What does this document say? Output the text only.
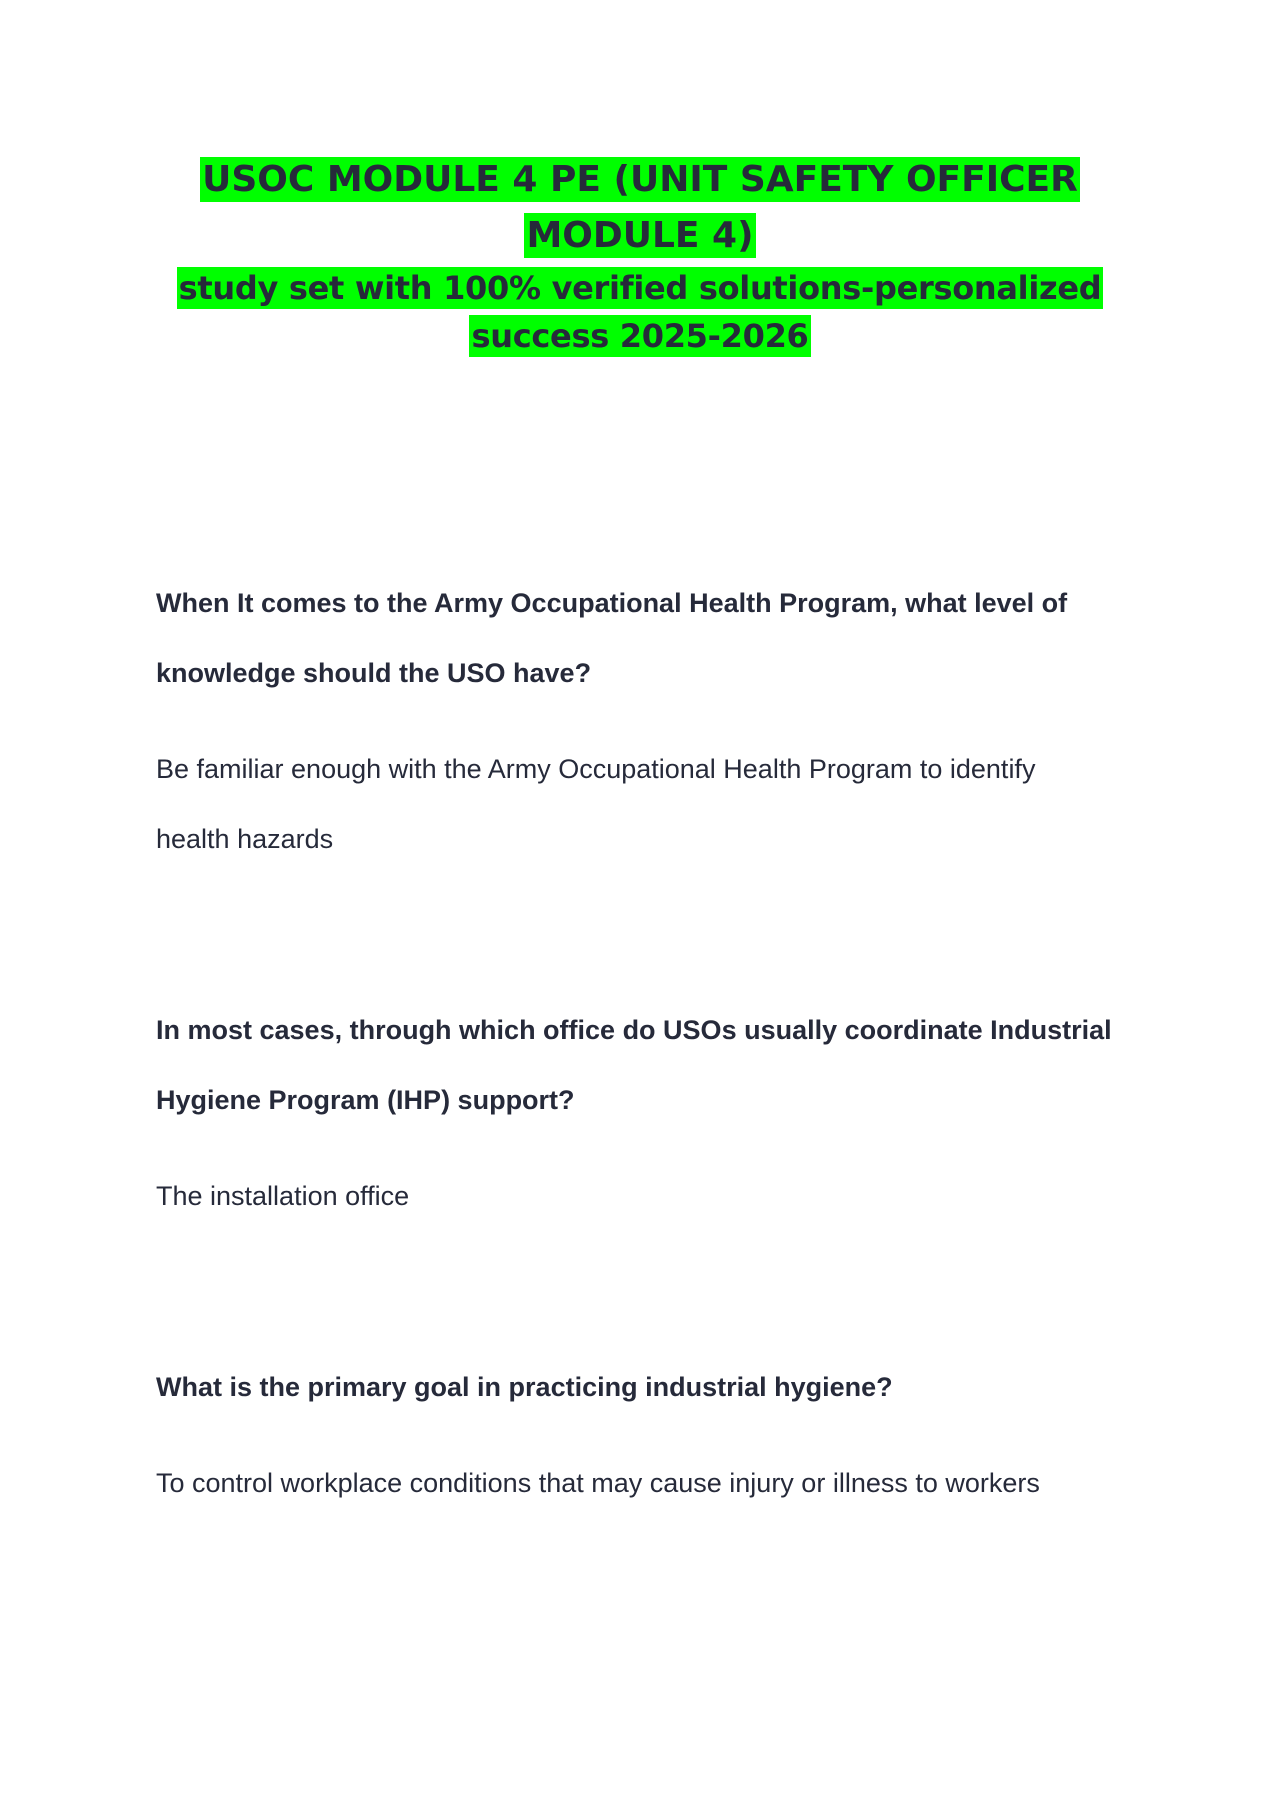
USOC MODULE 4 PE (UNIT SAFETY OFFICER MODULE 4)
study set with 100% verified solutions-personalized success 2025-2026

When It comes to the Army Occupational Health Program, what level of knowledge should the USO have?

Be familiar enough with the Army Occupational Health Program to identify health hazards

In most cases, through which office do USOs usually coordinate Industrial Hygiene Program (IHP) support?

The installation office

What is the primary goal in practicing industrial hygiene?

To control workplace conditions that may cause injury or illness to workers
